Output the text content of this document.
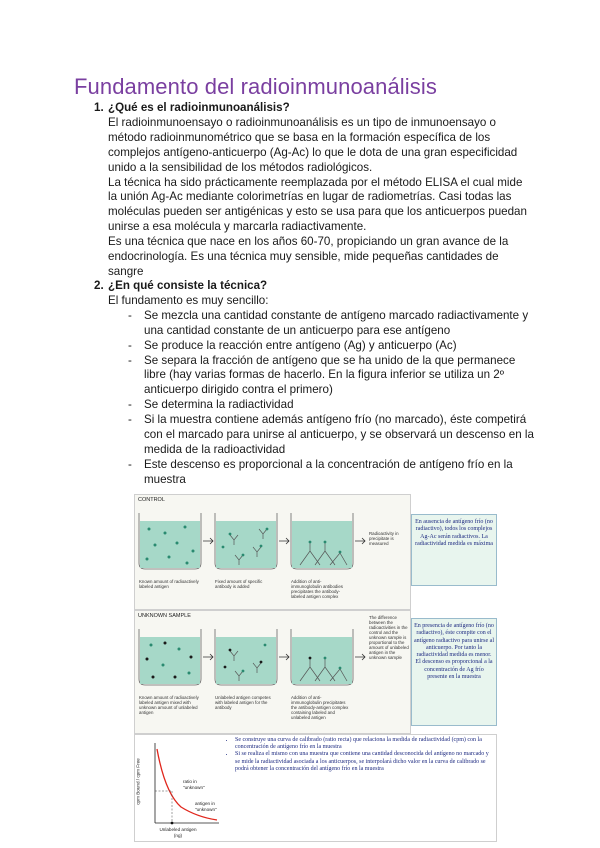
Fundamento del radioinmunoanálisis
1. ¿Qué es el radioinmunoanálisis?
El radioinmunoensayo o radioinmunoanálisis es un tipo de inmunoensayo o método radioinmunométrico que se basa en la formación específica de los complejos antígeno-anticuerpo (Ag-Ac) lo que le dota de una gran especificidad unido a la sensibilidad de los métodos radiológicos.
La técnica ha sido prácticamente reemplazada por el método ELISA el cual mide la unión Ag-Ac mediante colorimetrías en lugar de radiometrías. Casi todas las moléculas pueden ser antigénicas y esto se usa para que los anticuerpos puedan unirse a esa molécula y marcarla radiactivamente.
Es una técnica que nace en los años 60-70, propiciando un gran avance de la endocrinología. Es una técnica muy sensible, mide pequeñas cantidades de sangre
2. ¿En qué consiste la técnica?
El fundamento es muy sencillo:
- Se mezcla una cantidad constante de antígeno marcado radiactivamente y una cantidad constante de un anticuerpo para ese antígeno
- Se produce la reacción entre antígeno (Ag) y anticuerpo (Ac)
- Se separa la fracción de antígeno que se ha unido de la que permanece libre (hay varias formas de hacerlo. En la figura inferior se utiliza un 2º anticuerpo dirigido contra el primero)
- Se determina la radiactividad
- Si la muestra contiene además antígeno frío (no marcado), éste competirá con el marcado para unirse al anticuerpo, y se observará un descenso en la medida de la radioactividad
- Este descenso es proporcional a la concentración de antígeno frío en la muestra
CONTROL
Known amount of radioactively labeled antigen
Fixed amount of specific antibody is added
Addition of anti-immunoglobulin antibodies precipitates the antibody-labeled antigen complex
Radioactivity in precipitate is measured
En ausencia de antígeno frío (no radiactivo), todos los complejos Ag-Ac serán radiactivos. La radiactividad medida es máxima
UNKNOWN SAMPLE
Known amount of radioactively labeled antigen mixed with unknown amount of unlabeled antigen
Unlabeled antigen competes with labeled antigen for the antibody
Addition of anti-immunoglobulin precipitates the antibody-antigen complex containing labeled and unlabeled antigen
The difference between the radioactivities in the control and the unknown sample is proportional to the amount of unlabeled antigen in the unknown sample
En presencia de antígeno frío (no radiactivo), éste compite con el antígeno radiactivo para unirse al anticuerpo. Por tanto la radiactividad medida es menor. El descenso es proporcional a la concentración de Ag frío presente en la muestra
cpm Bound / cpm Free
Unlabeled antigen (ng)
ratio in "unknown"
antigen in "unknown"
• Se construye una curva de calibrado (ratio recta) que relaciona la medida de radiactividad (cpm) con la concentración de antígeno frío en la muestra
• Si se realiza el mismo con una muestra que contiene una cantidad desconocida del antígeno no marcado y se mide la radiactividad asociada a los anticuerpos, se interpolará dicho valor en la curva de calibrado se podrá obtener la concentración del antígeno frío en la muestra
